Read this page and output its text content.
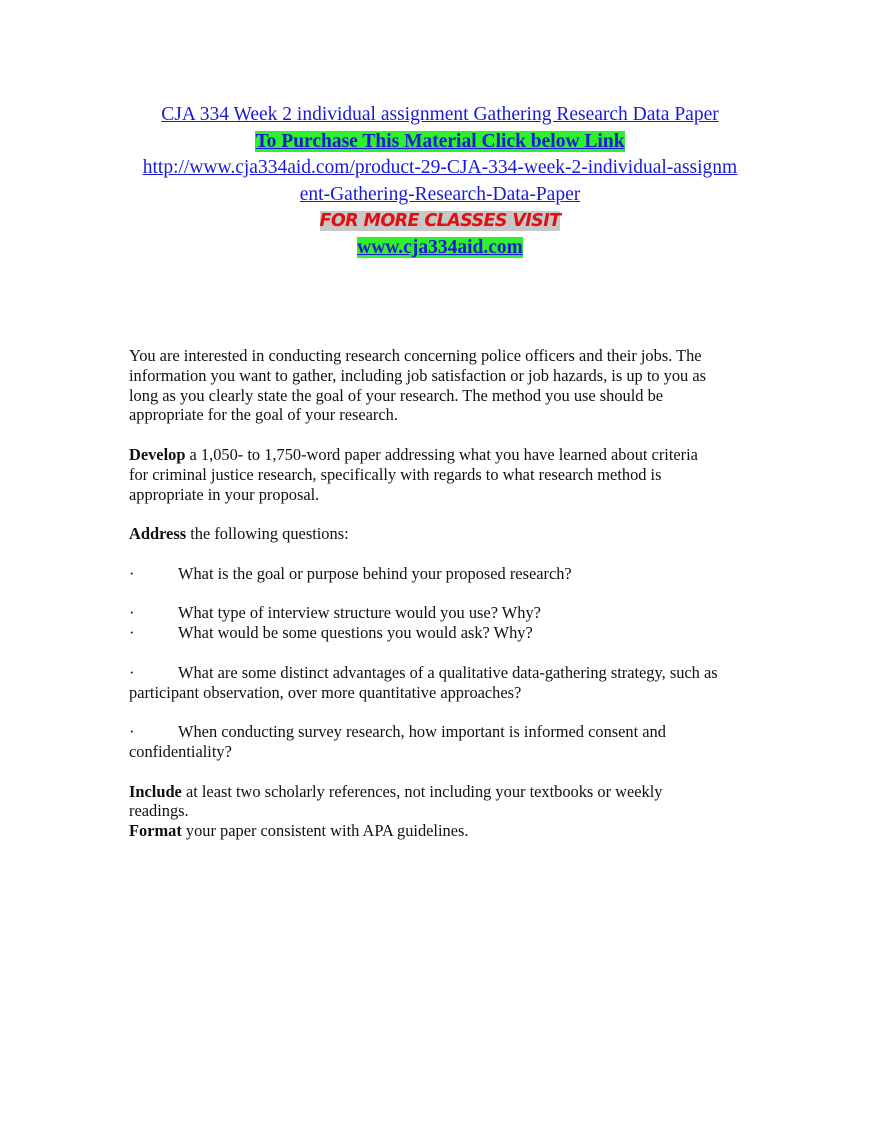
CJA 334 Week 2 individual assignment Gathering Research Data Paper
To Purchase This Material Click below Link
http://www.cja334aid.com/product-29-CJA-334-week-2-individual-assignm
ent-Gathering-Research-Data-Paper
FOR MORE CLASSES VISIT
www.cja334aid.com

You are interested in conducting research concerning police officers and their jobs. The
information you want to gather, including job satisfaction or job hazards, is up to you as
long as you clearly state the goal of your research. The method you use should be
appropriate for the goal of your research.

Develop a 1,050- to 1,750-word paper addressing what you have learned about criteria
for criminal justice research, specifically with regards to what research method is
appropriate in your proposal.

Address the following questions:

·	What is the goal or purpose behind your proposed research?
·	What type of interview structure would you use? Why?
·	What would be some questions you would ask? Why?

·	What are some distinct advantages of a qualitative data-gathering strategy, such as
participant observation, over more quantitative approaches?

·	When conducting survey research, how important is informed consent and
confidentiality?

Include at least two scholarly references, not including your textbooks or weekly
readings.

Format your paper consistent with APA guidelines.
